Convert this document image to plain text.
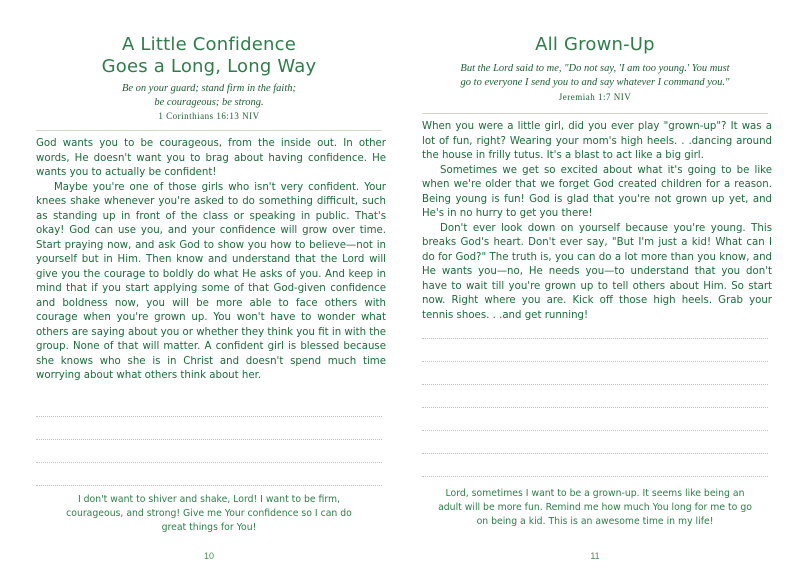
A Little Confidence
Goes a Long, Long Way
Be on your guard; stand firm in the faith;
be courageous; be strong.
1 Corinthians 16:13 NIV

God wants you to be courageous, from the inside out. In other words, He doesn't want you to brag about having confidence. He wants you to actually be confident!

Maybe you're one of those girls who isn't very confident. Your knees shake whenever you're asked to do something difficult, such as standing up in front of the class or speaking in public. That's okay! God can use you, and your confidence will grow over time. Start praying now, and ask God to show you how to believe—not in yourself but in Him. Then know and understand that the Lord will give you the courage to boldly do what He asks of you. And keep in mind that if you start applying some of that God-given confidence and boldness now, you will be more able to face others with courage when you're grown up. You won't have to wonder what others are saying about you or whether they think you fit in with the group. None of that will matter. A confident girl is blessed because she knows who she is in Christ and doesn't spend much time worrying about what others think about her.

I don't want to shiver and shake, Lord! I want to be firm, courageous, and strong! Give me Your confidence so I can do great things for You!
10
All Grown-Up
But the Lord said to me, "Do not say, 'I am too young.' You must
go to everyone I send you to and say whatever I command you."
Jeremiah 1:7 NIV

When you were a little girl, did you ever play "grown-up"? It was a lot of fun, right? Wearing your mom's high heels. . .dancing around the house in frilly tutus. It's a blast to act like a big girl.

Sometimes we get so excited about what it's going to be like when we're older that we forget God created children for a reason. Being young is fun! God is glad that you're not grown up yet, and He's in no hurry to get you there!

Don't ever look down on yourself because you're young. This breaks God's heart. Don't ever say, "But I'm just a kid! What can I do for God?" The truth is, you can do a lot more than you know, and He wants you—no, He needs you—to understand that you don't have to wait till you're grown up to tell others about Him. So start now. Right where you are. Kick off those high heels. Grab your tennis shoes. . .and get running!

Lord, sometimes I want to be a grown-up. It seems like being an adult will be more fun. Remind me how much You long for me to go on being a kid. This is an awesome time in my life!
11
